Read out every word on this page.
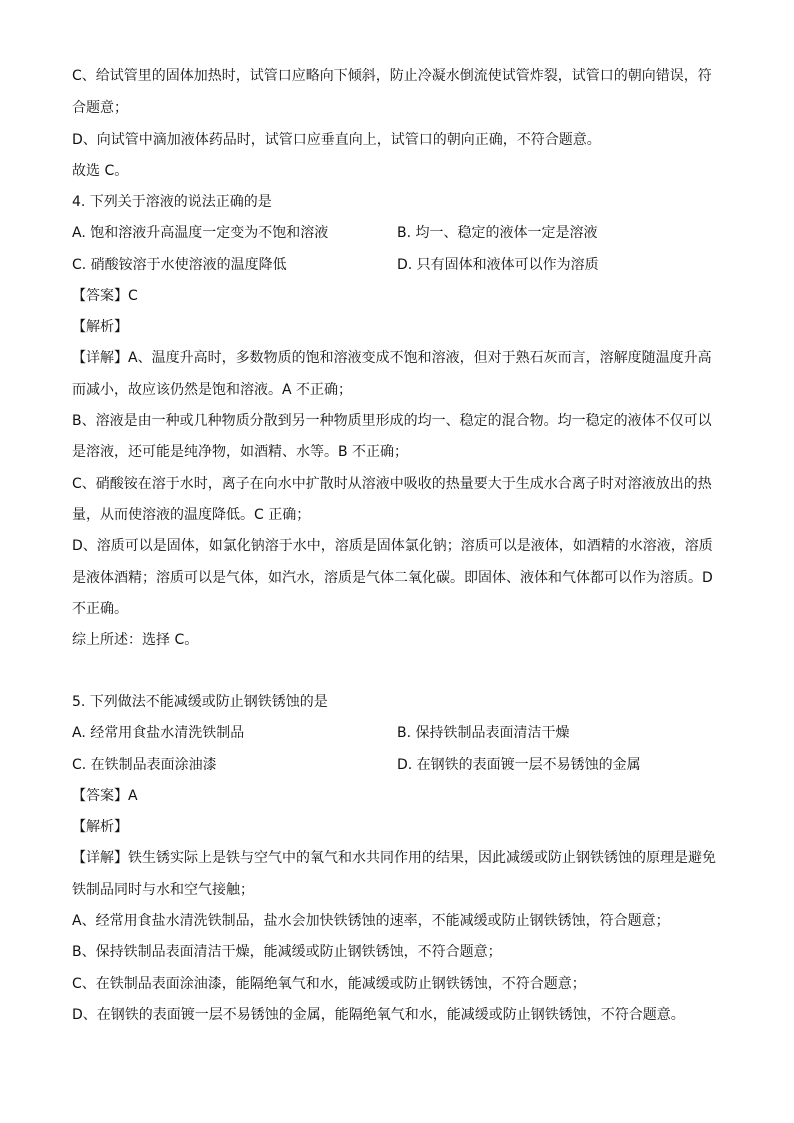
C、给试管里的固体加热时，试管口应略向下倾斜，防止冷凝水倒流使试管炸裂，试管口的朝向错误，符
合题意；
D、向试管中滴加液体药品时，试管口应垂直向上，试管口的朝向正确，不符合题意。
故选 C。
4. 下列关于溶液的说法正确的是
A. 饱和溶液升高温度一定变为不饱和溶液	B. 均一、稳定的液体一定是溶液
C. 硝酸铵溶于水使溶液的温度降低	D. 只有固体和液体可以作为溶质
【答案】C
【解析】
【详解】A、温度升高时，多数物质的饱和溶液变成不饱和溶液，但对于熟石灰而言，溶解度随温度升高
而减小，故应该仍然是饱和溶液。A 不正确；
B、溶液是由一种或几种物质分散到另一种物质里形成的均一、稳定的混合物。均一稳定的液体不仅可以
是溶液，还可能是纯净物，如酒精、水等。B 不正确；
C、硝酸铵在溶于水时，离子在向水中扩散时从溶液中吸收的热量要大于生成水合离子时对溶液放出的热
量，从而使溶液的温度降低。C 正确；
D、溶质可以是固体，如氯化钠溶于水中，溶质是固体氯化钠；溶质可以是液体，如酒精的水溶液，溶质
是液体酒精；溶质可以是气体，如汽水，溶质是气体二氧化碳。即固体、液体和气体都可以作为溶质。D
不正确。
综上所述：选择 C。
5. 下列做法不能减缓或防止钢铁锈蚀的是
A. 经常用食盐水清洗铁制品	B. 保持铁制品表面清洁干燥
C. 在铁制品表面涂油漆	D. 在钢铁的表面镀一层不易锈蚀的金属
【答案】A
【解析】
【详解】铁生锈实际上是铁与空气中的氧气和水共同作用的结果，因此减缓或防止钢铁锈蚀的原理是避免
铁制品同时与水和空气接触；
A、经常用食盐水清洗铁制品，盐水会加快铁锈蚀的速率，不能减缓或防止钢铁锈蚀，符合题意；
B、保持铁制品表面清洁干燥，能减缓或防止钢铁锈蚀，不符合题意；
C、在铁制品表面涂油漆，能隔绝氧气和水，能减缓或防止钢铁锈蚀，不符合题意；
D、在钢铁的表面镀一层不易锈蚀的金属，能隔绝氧气和水，能减缓或防止钢铁锈蚀，不符合题意。
